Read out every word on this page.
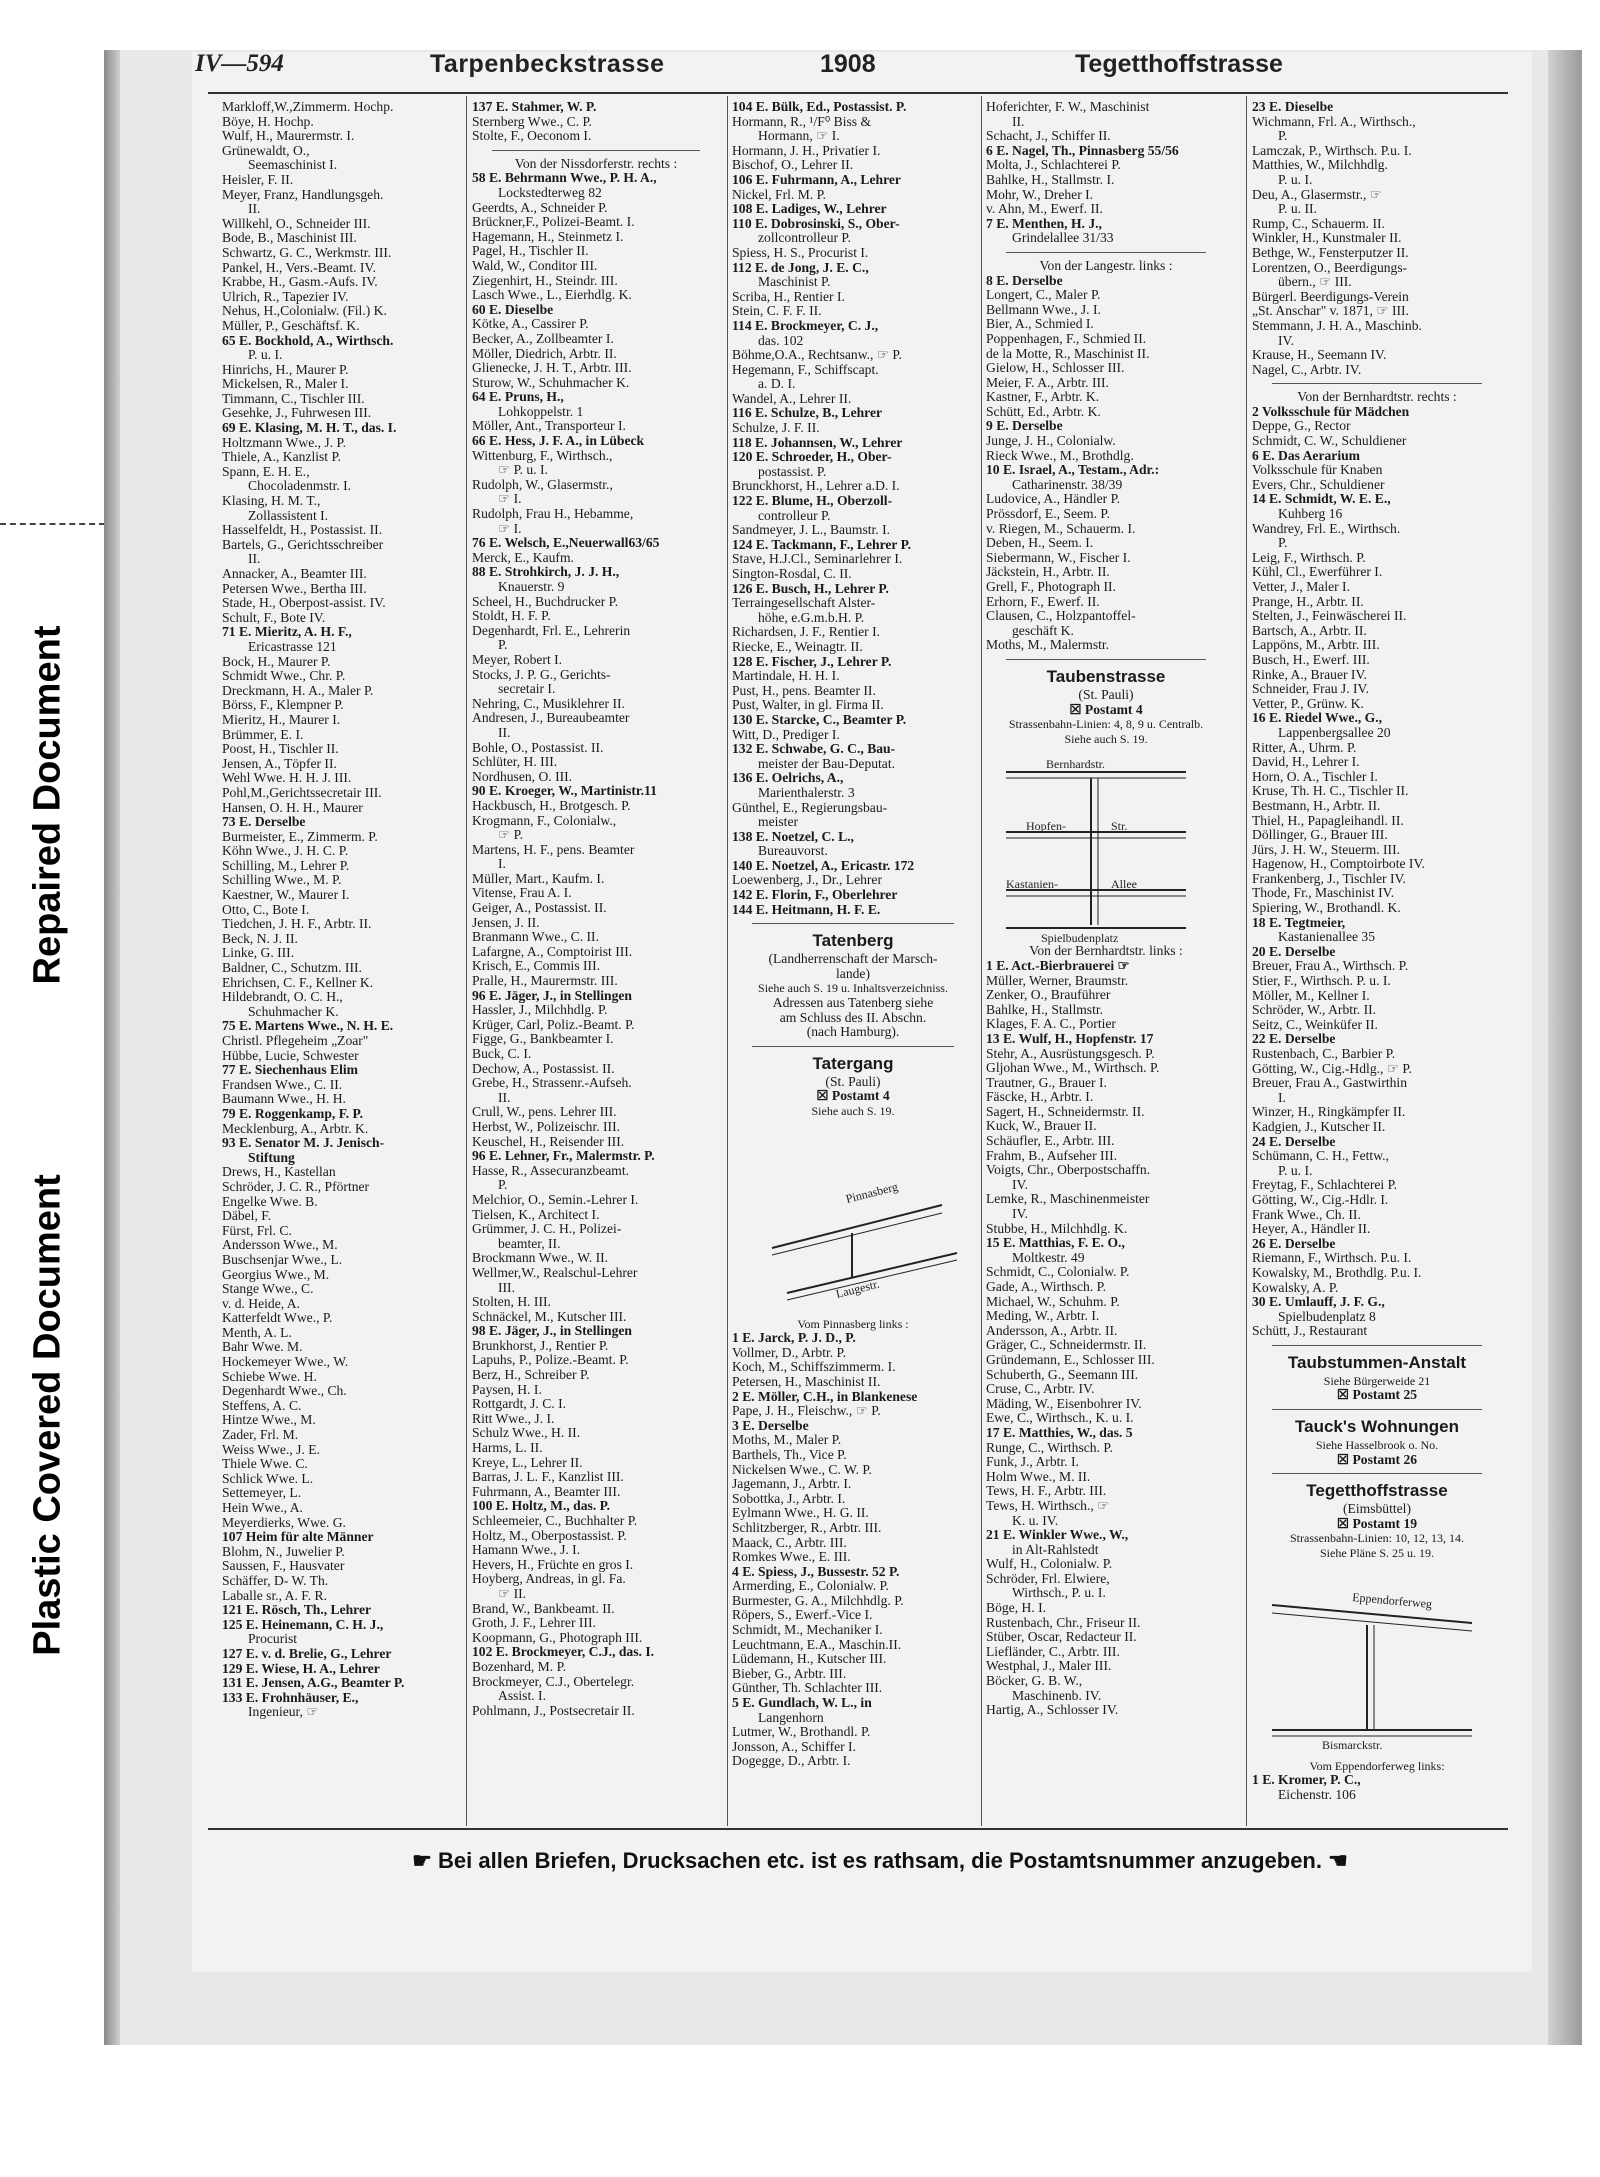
Repaired Document
Plastic Covered Document
IV—594	Tarpenbeckstrasse	1908	Tegetthoffstrasse
Markloff,W.,Zimmerm. Hochp.
Böye, H. Hochp.
Wulf, H., Maurermstr. I.
Grünewaldt, O.,
Seemaschinist I.
Heisler, F. II.
Meyer, Franz, Handlungsgeh.
II.
Willkehl, O., Schneider III.
Bode, B., Maschinist III.
Schwartz, G. C., Werkmstr. III.
Pankel, H., Vers.-Beamt. IV.
Krabbe, H., Gasm.-Aufs. IV.
Ulrich, R., Tapezier IV.
Nehus, H.,Colonialw. (Fil.) K.
Müller, P., Geschäftsf. K.
65 E. Bockhold, A., Wirthsch.
P. u. I.
Hinrichs, H., Maurer P.
Mickelsen, R., Maler I.
Timmann, C., Tischler III.
Gesehke, J., Fuhrwesen III.
69 E. Klasing, M. H. T., das. I.
Holtzmann Wwe., J. P.
Thiele, A., Kanzlist P.
Spann, E. H. E.,
Chocoladenmstr. I.
Klasing, H. M. T.,
Zollassistent I.
Hasselfeldt, H., Postassist. II.
Bartels, G., Gerichtsschreiber
II.
Annacker, A., Beamter III.
Petersen Wwe., Bertha III.
Stade, H., Oberpost-assist. IV.
Schult, F., Bote IV.
71 E. Mieritz, A. H. F.,
Ericastrasse 121
Bock, H., Maurer P.
Schmidt Wwe., Chr. P.
Dreckmann, H. A., Maler P.
Börss, F., Klempner P.
Mieritz, H., Maurer I.
Brümmer, E. I.
Poost, H., Tischler II.
Jensen, A., Töpfer II.
Wehl Wwe. H. H. J. III.
Pohl,M.,Gerichtssecretair III.
Hansen, O. H. H., Maurer
73 E. Derselbe
Burmeister, E., Zimmerm. P.
Köhn Wwe., J. H. C. P.
Schilling, M., Lehrer P.
Schilling Wwe., M. P.
Kaestner, W., Maurer I.
Otto, C., Bote I.
Tiedchen, J. H. F., Arbtr. II.
Beck, N. J. II.
Linke, G. III.
Baldner, C., Schutzm. III.
Ehrichsen, C. F., Kellner K.
Hildebrandt, O. C. H.,
Schuhmacher K.
75 E. Martens Wwe., N. H. E.
Christl. Pflegeheim „Zoar"
Hübbe, Lucie, Schwester
77 E. Siechenhaus Elim
Frandsen Wwe., C. II.
Baumann Wwe., H. H.
79 E. Roggenkamp, F. P.
Mecklenburg, A., Arbtr. K.
93 E. Senator M. J. Jenisch-
Stiftung
Drews, H., Kastellan
Schröder, J. C. R., Pförtner
Engelke Wwe. B.
Däbel, F.
Fürst, Frl. C.
Andersson Wwe., M.
Buschsenjar Wwe., L.
Georgius Wwe., M.
Stange Wwe., C.
v. d. Heide, A.
Katterfeldt Wwe., P.
Menth, A. L.
Bahr Wwe. M.
Hockemeyer Wwe., W.
Schiebe Wwe. H.
Degenhardt Wwe., Ch.
Steffens, A. C.
Hintze Wwe., M.
Zader, Frl. M.
Weiss Wwe., J. E.
Thiele Wwe. C.
Schlick Wwe. L.
Settemeyer, L.
Hein Wwe., A.
Meyerdierks, Wwe. G.
107 Heim für alte Männer
Blohm, N., Juwelier P.
Saussen, F., Hausvater
Schäffer, D- W. Th.
Laballe sr., A. F. R.
121 E. Rösch, Th., Lehrer
125 E. Heinemann, C. H. J.,
Procurist
127 E. v. d. Brelie, G., Lehrer
129 E. Wiese, H. A., Lehrer
131 E. Jensen, A.G., Beamter P.
133 E. Frohnhäuser, E.,
Ingenieur, ☞
137 E. Stahmer, W. P.
Sternberg Wwe., C. P.
Stolte, F., Oeconom I.
Von der Nissdorferstr. rechts :
58 E. Behrmann Wwe., P. H. A.,
Lockstedterweg 82
Geerdts, A., Schneider P.
Brückner,F., Polizei-Beamt. I.
Hagemann, H., Steinmetz I.
Pagel, H., Tischler II.
Wald, W., Conditor III.
Ziegenhirt, H., Steindr. III.
Lasch Wwe., L., Eierhdlg. K.
60 E. Dieselbe
Kötke, A., Cassirer P.
Becker, A., Zollbeamter I.
Möller, Diedrich, Arbtr. II.
Glienecke, J. H. T., Arbtr. III.
Sturow, W., Schuhmacher K.
64 E. Pruns, H.,
Lohkoppelstr. 1
Möller, Ant., Transporteur I.
66 E. Hess, J. F. A., in Lübeck
Wittenburg, F., Wirthsch.,
☞ P. u. I.
Rudolph, W., Glasermstr.,
☞ I.
Rudolph, Frau H., Hebamme,
☞ I.
76 E. Welsch, E.,Neuerwall63/65
Merck, E., Kaufm.
88 E. Strohkirch, J. J. H.,
Knauerstr. 9
Scheel, H., Buchdrucker P.
Stoldt, H. F. P.
Degenhardt, Frl. E., Lehrerin
P.
Meyer, Robert I.
Stocks, J. P. G., Gerichts-
secretair I.
Nehring, C., Musiklehrer II.
Andresen, J., Bureaubeamter
II.
Bohle, O., Postassist. II.
Schlüter, H. III.
Nordhusen, O. III.
90 E. Kroeger, W., Martinistr.11
Hackbusch, H., Brotgesch. P.
Krogmann, F., Colonialw.,
☞ P.
Martens, H. F., pens. Beamter
I.
Müller, Mart., Kaufm. I.
Vitense, Frau A. I.
Geiger, A., Postassist. II.
Jensen, J. II.
Branmann Wwe., C. II.
Lafargne, A., Comptoirist III.
Krisch, E., Commis III.
Pralle, H., Maurermstr. III.
96 E. Jäger, J., in Stellingen
Hassler, J., Milchhdlg. P.
Krüger, Carl, Poliz.-Beamt. P.
Figge, G., Bankbeamter I.
Buck, C. I.
Dechow, A., Postassist. II.
Grebe, H., Strassenr.-Aufseh.
II.
Crull, W., pens. Lehrer III.
Herbst, W., Polizeischr. III.
Keuschel, H., Reisender III.
96 E. Lehner, Fr., Malermstr. P.
Hasse, R., Assecuranzbeamt.
P.
Melchior, O., Semin.-Lehrer I.
Tielsen, K., Architect I.
Grümmer, J. C. H., Polizei-
beamter, II.
Brockmann Wwe., W. II.
Wellmer,W., Realschul-Lehrer
III.
Stolten, H. III.
Schnäckel, M., Kutscher III.
98 E. Jäger, J., in Stellingen
Brunkhorst, J., Rentier P.
Lapuhs, P., Polize.-Beamt. P.
Berz, H., Schreiber P.
Paysen, H. I.
Rottgardt, J. C. I.
Ritt Wwe., J. I.
Schulz Wwe., H. II.
Harms, L. II.
Kreye, L., Lehrer II.
Barras, J. L. F., Kanzlist III.
Fuhrmann, A., Beamter III.
100 E. Holtz, M., das. P.
Schleemeier, C., Buchhalter P.
Holtz, M., Oberpostassist. P.
Hamann Wwe., J. I.
Hevers, H., Früchte en gros I.
Hoyberg, Andreas, in gl. Fa.
☞ II.
Brand, W., Bankbeamt. II.
Groth, J. F., Lehrer III.
Koopmann, G., Photograph III.
102 E. Brockmeyer, C.J., das. I.
Bozenhard, M. P.
Brockmeyer, C.J., Obertelegr.
Assist. I.
Pohlmann, J., Postsecretair II.
104 E. Bülk, Ed., Postassist. P.
Hormann, R., ¹/F⁰ Biss &
Hormann, ☞ I.
Hormann, J. H., Privatier I.
Bischof, O., Lehrer II.
106 E. Fuhrmann, A., Lehrer
Nickel, Frl. M. P.
108 E. Ladiges, W., Lehrer
110 E. Dobrosinski, S., Ober-
zollcontrolleur P.
Spiess, H. S., Procurist I.
112 E. de Jong, J. E. C.,
Maschinist P.
Scriba, H., Rentier I.
Stein, C. F. F. II.
114 E. Brockmeyer, C. J.,
das. 102
Böhme,O.A., Rechtsanw., ☞ P.
Hegemann, F., Schiffscapt.
a. D. I.
Wandel, A., Lehrer II.
116 E. Schulze, B., Lehrer
Schulze, J. F. II.
118 E. Johannsen, W., Lehrer
120 E. Schroeder, H., Ober-
postassist. P.
Brunckhorst, H., Lehrer a.D. I.
122 E. Blume, H., Oberzoll-
controlleur P.
Sandmeyer, J. L., Baumstr. I.
124 E. Tackmann, F., Lehrer P.
Stave, H.J.Cl., Seminarlehrer I.
Sington-Rosdal, C. II.
126 E. Busch, H., Lehrer P.
Terraingesellschaft Alster-
höhe, e.G.m.b.H. P.
Richardsen, J. F., Rentier I.
Riecke, E., Weinagtr. II.
128 E. Fischer, J., Lehrer P.
Martindale, H. H. I.
Pust, H., pens. Beamter II.
Pust, Walter, in gl. Firma II.
130 E. Starcke, C., Beamter P.
Witt, D., Prediger I.
132 E. Schwabe, G. C., Bau-
meister der Bau-Deputat.
136 E. Oelrichs, A.,
Marienthalerstr. 3
Günthel, E., Regierungsbau-
meister
138 E. Noetzel, C. L.,
Bureauvorst.
140 E. Noetzel, A., Ericastr. 172
Loewenberg, J., Dr., Lehrer
142 E. Florin, F., Oberlehrer
144 E. Heitmann, H. F. E.
Tatenberg
(Landherrenschaft der Marsch-
lande)
Siehe auch S. 19 u. Inhaltsverzeichniss.
Adressen aus Tatenberg siehe
am Schluss des II. Abschn.
(nach Hamburg).
Tatergang
(St. Pauli)
☒ Postamt 4
Siehe auch S. 19.
Pinnasberg
Laugestr.
Vom Pinnasberg links :
1 E. Jarck, P. J. D., P.
Vollmer, D., Arbtr. P.
Koch, M., Schiffszimmerm. I.
Petersen, H., Maschinist II.
2 E. Möller, C.H., in Blankenese
Pape, J. H., Fleischw., ☞ P.
3 E. Derselbe
Moths, M., Maler P.
Barthels, Th., Vice P.
Nickelsen Wwe., C. W. P.
Jagemann, J., Arbtr. I.
Sobottka, J., Arbtr. I.
Eylmann Wwe., H. G. II.
Schlitzberger, R., Arbtr. III.
Maack, C., Arbtr. III.
Romkes Wwe., E. III.
4 E. Spiess, J., Bussestr. 52 P.
Armerding, E., Colonialw. P.
Burmester, G. A., Milchhdlg. P.
Röpers, S., Ewerf.-Vice I.
Schmidt, M., Mechaniker I.
Leuchtmann, E.A., Maschin.II.
Lüdemann, H., Kutscher III.
Bieber, G., Arbtr. III.
Günther, Th. Schlachter III.
5 E. Gundlach, W. L., in
Langenhorn
Lutmer, W., Brothandl. P.
Jonsson, A., Schiffer I.
Dogegge, D., Arbtr. I.
Hoferichter, F. W., Maschinist
II.
Schacht, J., Schiffer II.
6 E. Nagel, Th., Pinnasberg 55/56
Molta, J., Schlachterei P.
Bahlke, H., Stallmstr. I.
Mohr, W., Dreher I.
v. Ahn, M., Ewerf. II.
7 E. Menthen, H. J.,
Grindelallee 31/33
Von der Langestr. links :
8 E. Derselbe
Longert, C., Maler P.
Bellmann Wwe., J. I.
Bier, A., Schmied I.
Poppenhagen, F., Schmied II.
de la Motte, R., Maschinist II.
Gielow, H., Schlosser III.
Meier, F. A., Arbtr. III.
Kastner, F., Arbtr. K.
Schütt, Ed., Arbtr. K.
9 E. Derselbe
Junge, J. H., Colonialw.
Rieck Wwe., M., Brothdlg.
10 E. Israel, A., Testam., Adr.:
Catharinenstr. 38/39
Ludovice, A., Händler P.
Prössdorf, E., Seem. P.
v. Riegen, M., Schauerm. I.
Deben, H., Seem. I.
Siebermann, W., Fischer I.
Jäckstein, H., Arbtr. II.
Grell, F., Photograph II.
Erhorn, F., Ewerf. II.
Clausen, C., Holzpantoffel-
geschäft K.
Moths, M., Malermstr.
Taubenstrasse
(St. Pauli)
☒ Postamt 4
Strassenbahn-Linien: 4, 8, 9 u. Centralb.
Siehe auch S. 19.
Bernhardstr.
Hopfen-	Str.
Kastanien-	Allee
Spielbudenplatz
Von der Bernhardtstr. links :
1 E. Act.-Bierbrauerei ☞
Müller, Werner, Braumstr.
Zenker, O., Brauführer
Bahlke, H., Stallmstr.
Klages, F. A. C., Portier
13 E. Wulf, H., Hopfenstr. 17
Stehr, A., Ausrüstungsgesch. P.
Gljohan Wwe., M., Wirthsch. P.
Trautner, G., Brauer I.
Fäscke, H., Arbtr. I.
Sagert, H., Schneidermstr. II.
Kuck, W., Brauer II.
Schäufler, E., Arbtr. III.
Frahm, B., Aufseher III.
Voigts, Chr., Oberpostschaffn.
IV.
Lemke, R., Maschinenmeister
IV.
Stubbe, H., Milchhdlg. K.
15 E. Matthias, F. E. O.,
Moltkestr. 49
Schmidt, C., Colonialw. P.
Gade, A., Wirthsch. P.
Michael, W., Schuhm. P.
Meding, W., Arbtr. I.
Andersson, A., Arbtr. II.
Gräger, C., Schneidermstr. II.
Gründemann, E., Schlosser III.
Schuberth, G., Seemann III.
Cruse, C., Arbtr. IV.
Mäding, W., Eisenbohrer IV.
Ewe, C., Wirthsch., K. u. I.
17 E. Matthies, W., das. 5
Runge, C., Wirthsch. P.
Funk, J., Arbtr. I.
Holm Wwe., M. II.
Tews, H. F., Arbtr. III.
Tews, H. Wirthsch., ☞
K. u. IV.
21 E. Winkler Wwe., W.,
in Alt-Rahlstedt
Wulf, H., Colonialw. P.
Schröder, Frl. Elwiere,
Wirthsch., P. u. I.
Böge, H. I.
Rustenbach, Chr., Friseur II.
Stüber, Oscar, Redacteur II.
Liefländer, C., Arbtr. III.
Westphal, J., Maler III.
Böcker, G. B. W.,
Maschinenb. IV.
Hartig, A., Schlosser IV.
23 E. Dieselbe
Wichmann, Frl. A., Wirthsch.,
P.
Lamczak, P., Wirthsch. P.u. I.
Matthies, W., Milchhdlg.
P. u. I.
Deu, A., Glasermstr., ☞
P. u. II.
Rump, C., Schauerm. II.
Winkler, H., Kunstmaler II.
Bethge, W., Fensterputzer II.
Lorentzen, O., Beerdigungs-
übern., ☞ III.
Bürgerl. Beerdigungs-Verein
„St. Anschar" v. 1871, ☞ III.
Stemmann, J. H. A., Maschinb.
IV.
Krause, H., Seemann IV.
Nagel, C., Arbtr. IV.
Von der Bernhardtstr. rechts :
2 Volksschule für Mädchen
Deppe, G., Rector
Schmidt, C. W., Schuldiener
6 E. Das Aerarium
Volksschule für Knaben
Evers, Chr., Schuldiener
14 E. Schmidt, W. E. E.,
Kuhberg 16
Wandrey, Frl. E., Wirthsch.
P.
Leig, F., Wirthsch. P.
Kühl, Cl., Ewerführer I.
Vetter, J., Maler I.
Prange, H., Arbtr. II.
Stelten, J., Feinwäscherei II.
Bartsch, A., Arbtr. II.
Lappöns, M., Arbtr. III.
Busch, H., Ewerf. III.
Rinke, A., Brauer IV.
Schneider, Frau J. IV.
Vetter, P., Grünw. K.
16 E. Riedel Wwe., G.,
Lappenbergsallee 20
Ritter, A., Uhrm. P.
David, H., Lehrer I.
Horn, O. A., Tischler I.
Kruse, Th. H. C., Tischler II.
Bestmann, H., Arbtr. II.
Thiel, H., Papagleihandl. II.
Döllinger, G., Brauer III.
Jürs, J. H. W., Steuerm. III.
Hagenow, H., Comptoirbote IV.
Frankenberg, J., Tischler IV.
Thode, Fr., Maschinist IV.
Spiering, W., Brothandl. K.
18 E. Tegtmeier,
Kastanienallee 35
20 E. Derselbe
Breuer, Frau A., Wirthsch. P.
Stier, F., Wirthsch. P. u. I.
Möller, M., Kellner I.
Schröder, W., Arbtr. II.
Seitz, C., Weinküfer II.
22 E. Derselbe
Rustenbach, C., Barbier P.
Götting, W., Cig.-Hdlg., ☞ P.
Breuer, Frau A., Gastwirthin
I.
Winzer, H., Ringkämpfer II.
Kadgien, J., Kutscher II.
24 E. Derselbe
Schümann, C. H., Fettw.,
P. u. I.
Freytag, F., Schlachterei P.
Götting, W., Cig.-Hdlr. I.
Frank Wwe., Ch. II.
Heyer, A., Händler II.
26 E. Derselbe
Riemann, F., Wirthsch. P.u. I.
Kowalsky, M., Brothdlg. P.u. I.
Kowalsky, A. P.
30 E. Umlauff, J. F. G.,
Spielbudenplatz 8
Schütt, J., Restaurant
Taubstummen-Anstalt
Siehe Bürgerweide 21
☒ Postamt 25
Tauck's Wohnungen
Siehe Hasselbrook o. No.
☒ Postamt 26
Tegetthoffstrasse
(Eimsbüttel)
☒ Postamt 19
Strassenbahn-Linien: 10, 12, 13, 14.
Siehe Pläne S. 25 u. 19.
Eppendorferweg
Bismarckstr.
Vom Eppendorferweg links:
1 E. Kromer, P. C.,
Eichenstr. 106
☛ Bei allen Briefen, Drucksachen etc. ist es rathsam, die Postamtsnummer anzugeben. ☚
